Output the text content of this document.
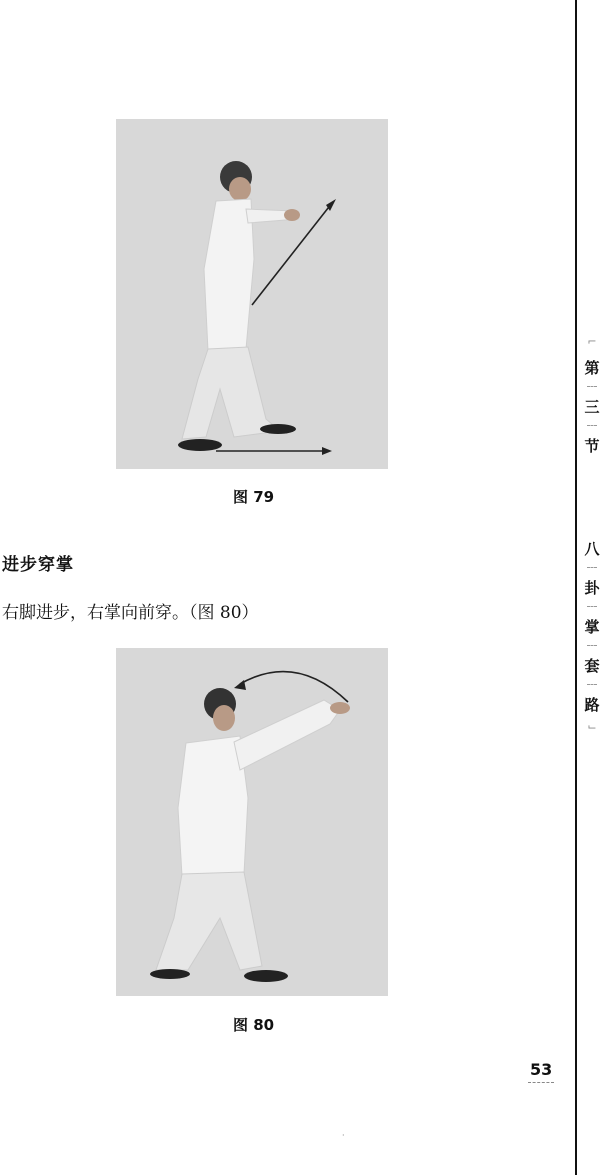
图 79
进步穿掌
右脚进步，右掌向前穿。（图 80）
图 80
⌐
第
三
节
八
卦
掌
套
路
⌙
53
·
